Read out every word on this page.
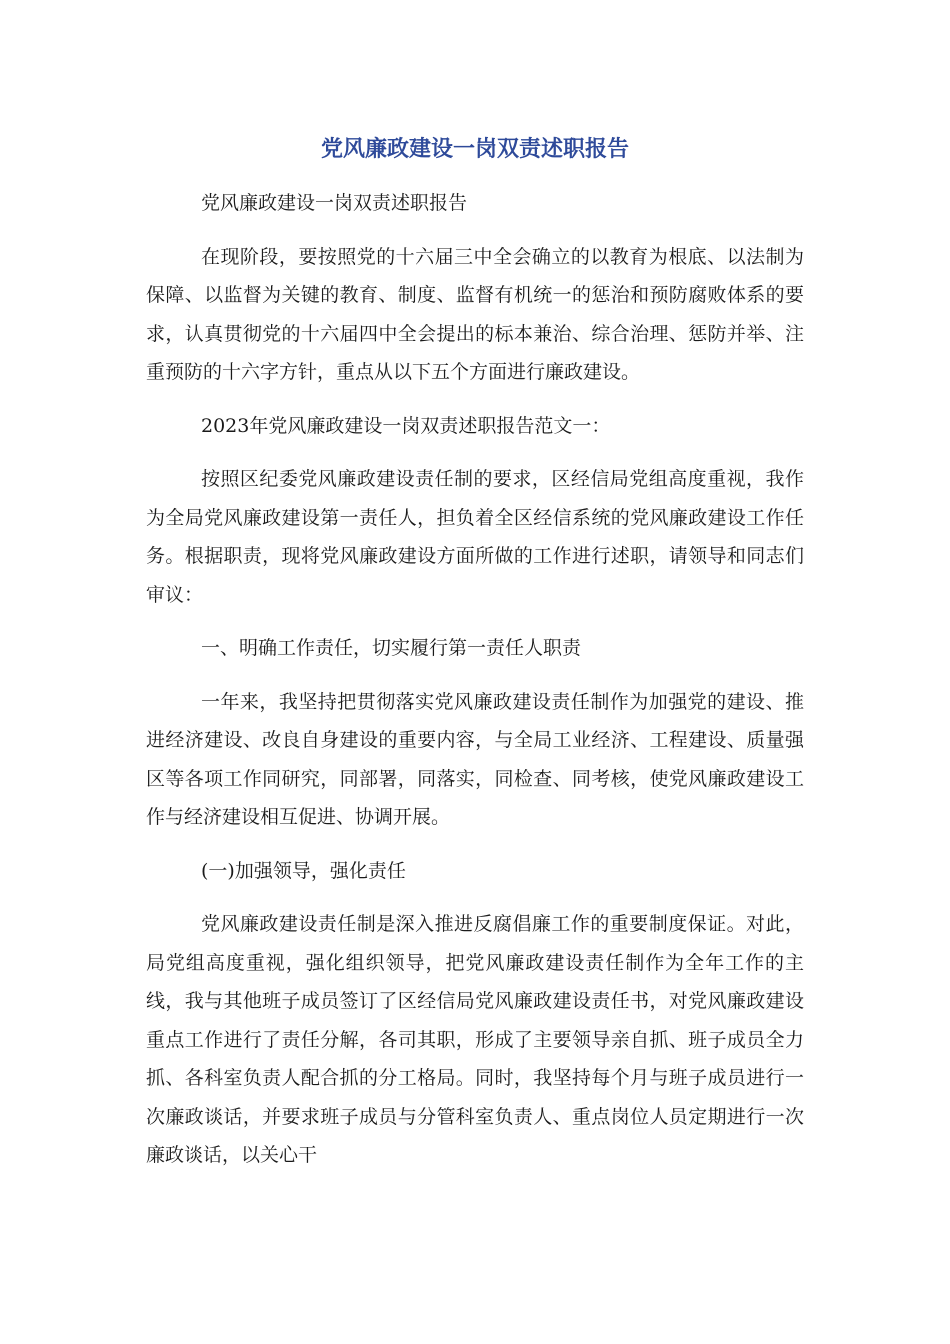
党风廉政建设一岗双责述职报告

党风廉政建设一岗双责述职报告

在现阶段，要按照党的十六届三中全会确立的以教育为根底、以法制为保障、以监督为关键的教育、制度、监督有机统一的惩治和预防腐败体系的要求，认真贯彻党的十六届四中全会提出的标本兼治、综合治理、惩防并举、注重预防的十六字方针，重点从以下五个方面进行廉政建设。

2023年党风廉政建设一岗双责述职报告范文一：

按照区纪委党风廉政建设责任制的要求，区经信局党组高度重视，我作为全局党风廉政建设第一责任人，担负着全区经信系统的党风廉政建设工作任务。根据职责，现将党风廉政建设方面所做的工作进行述职，请领导和同志们审议：

一、明确工作责任，切实履行第一责任人职责

一年来，我坚持把贯彻落实党风廉政建设责任制作为加强党的建设、推进经济建设、改良自身建设的重要内容，与全局工业经济、工程建设、质量强区等各项工作同研究，同部署，同落实，同检查、同考核，使党风廉政建设工作与经济建设相互促进、协调开展。

(一)加强领导，强化责任

党风廉政建设责任制是深入推进反腐倡廉工作的重要制度保证。对此，局党组高度重视，强化组织领导，把党风廉政建设责任制作为全年工作的主线，我与其他班子成员签订了区经信局党风廉政建设责任书，对党风廉政建设重点工作进行了责任分解，各司其职，形成了主要领导亲自抓、班子成员全力抓、各科室负责人配合抓的分工格局。同时，我坚持每个月与班子成员进行一次廉政谈话，并要求班子成员与分管科室负责人、重点岗位人员定期进行一次廉政谈话，以关心干
